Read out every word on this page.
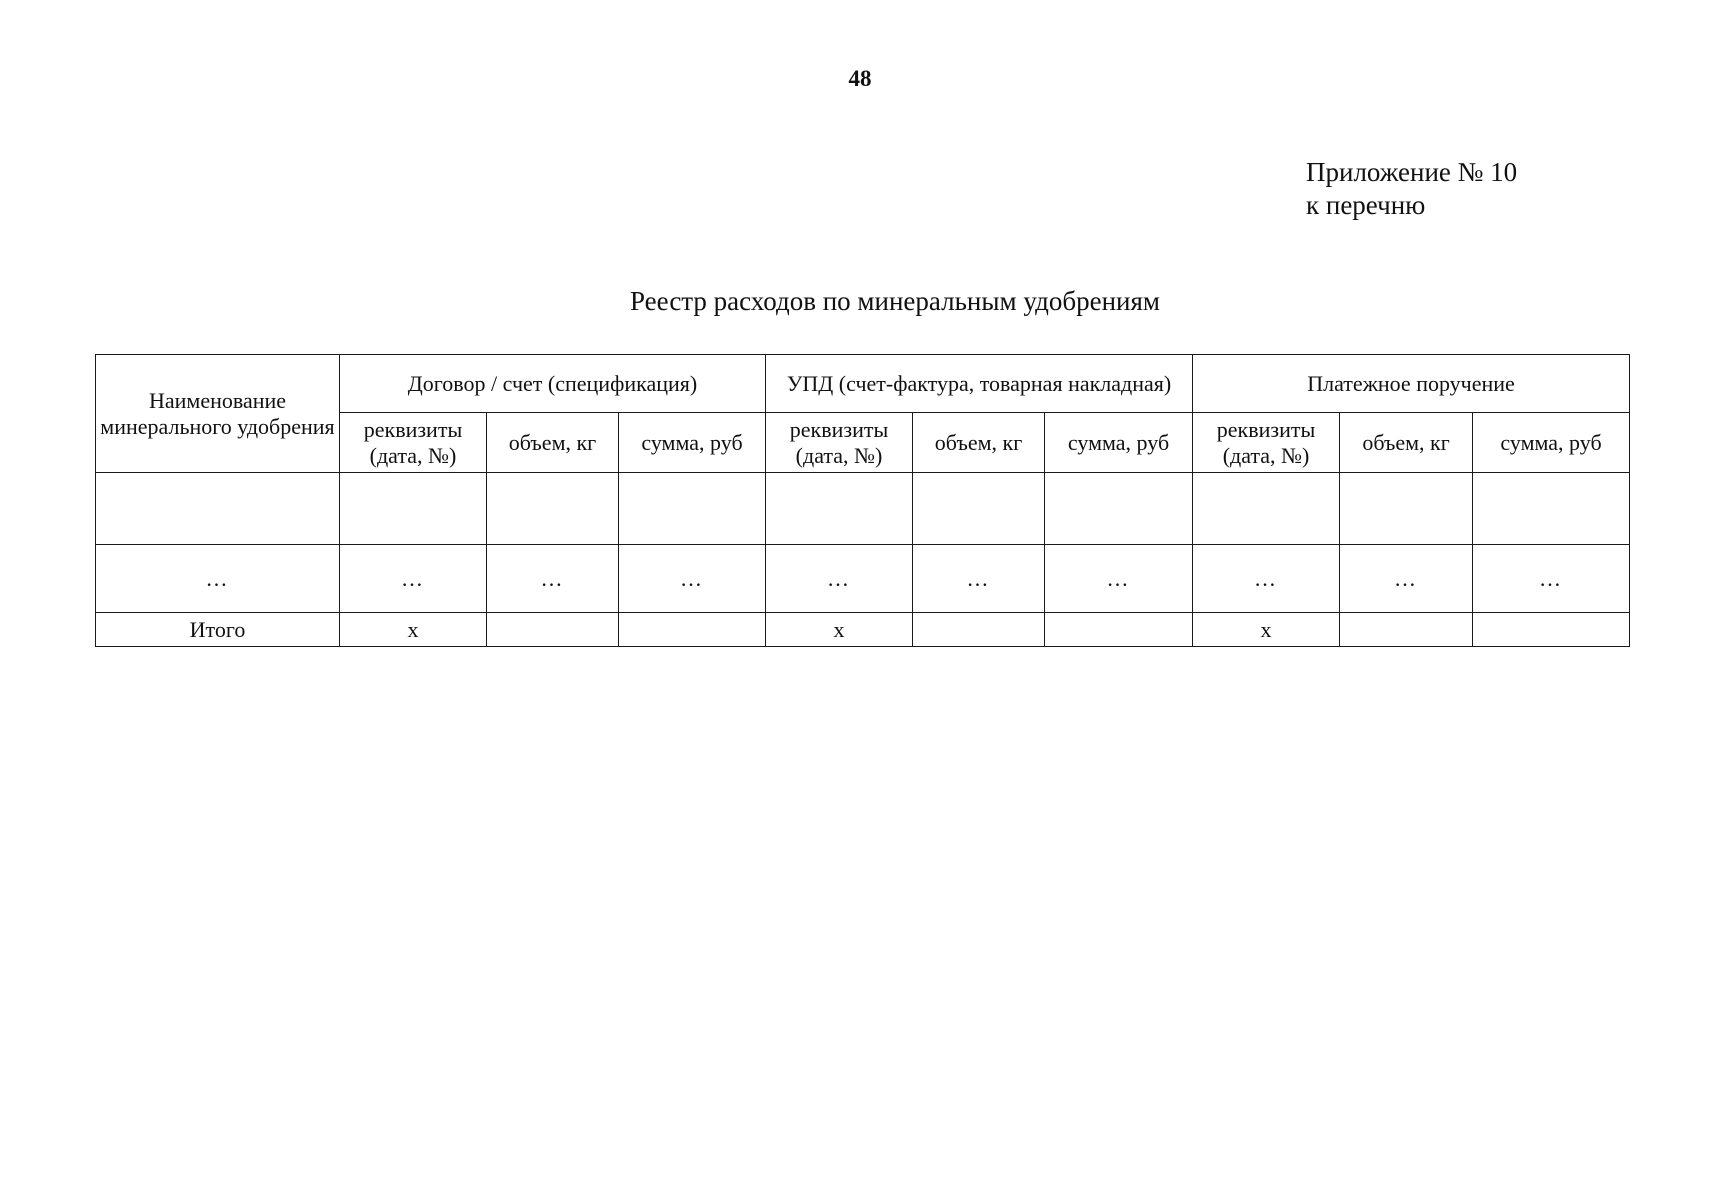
48
Приложение № 10
к перечню
Реестр расходов по минеральным удобрениям
Наименование минерального удобрения	Договор / счет (спецификация)			УПД (счет-фактура, товарная накладная)			Платежное поручение		
	реквизиты (дата, №)	объем, кг	сумма, руб	реквизиты (дата, №)	объем, кг	сумма, руб	реквизиты (дата, №)	объем, кг	сумма, руб

…	…	…	…	…	…	…	…	…	…
Итого	x			x			x		
